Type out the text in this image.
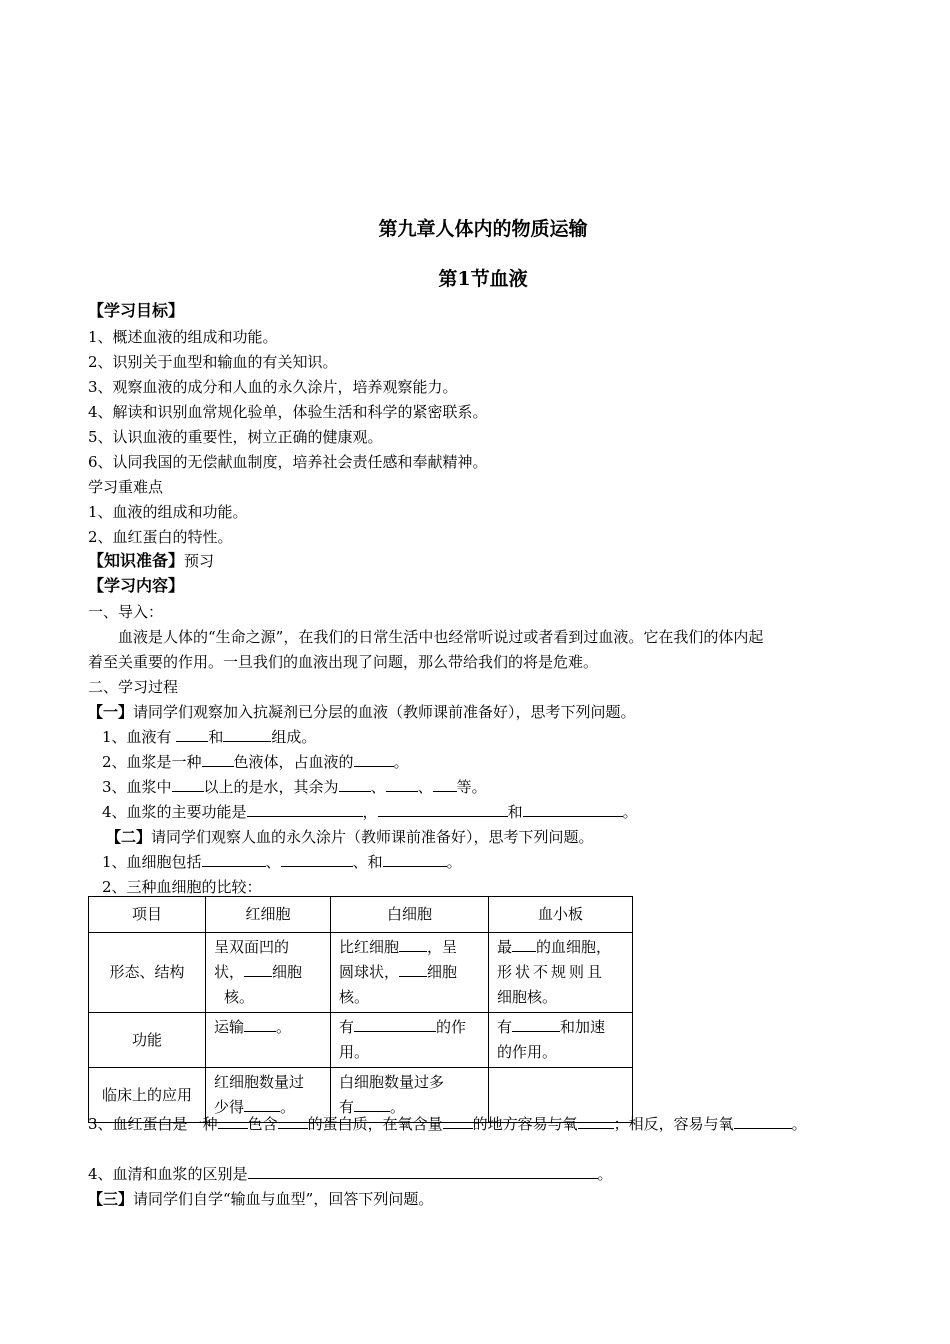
第九章人体内的物质运输
第1节血液
【学习目标】
1、概述血液的组成和功能。
2、识别关于血型和输血的有关知识。
3、观察血液的成分和人血的永久涂片，培养观察能力。
4、解读和识别血常规化验单，体验生活和科学的紧密联系。
5、认识血液的重要性，树立正确的健康观。
6、认同我国的无偿献血制度，培养社会责任感和奉献精神。
学习重难点
1、血液的组成和功能。
2、血红蛋白的特性。
【知识准备】预习
【学习内容】
一、导入：
血液是人体的“生命之源”，在我们的日常生活中也经常听说过或者看到过血液。它在我们的体内起
着至关重要的作用。一旦我们的血液出现了问题，那么带给我们的将是危难。
二、学习过程
【一】请同学们观察加入抗凝剂已分层的血液（教师课前准备好），思考下列问题。
1、血液有 和	组成。
2、血浆是一种 色液体，占血液的	。
3、血浆中 以上的是水，其余为 、 、 等。
4、血浆的主要功能是	，	和	。
【二】请同学们观察人血的永久涂片（教师课前准备好），思考下列问题。
1、血细胞包括	、	、和	。
2、三种血细胞的比较：
项目	红细胞	白细胞	血小板
形态、结构	呈双面凹的
状， 细胞
核。	比红细胞 ，呈
圆球状， 细胞
核。	最 的血细胞，
形状不规则且
细胞核。
功能	运输 。	有 的作
用。	有 和加速
的作用。
临床上的应用	红细胞数量过
少得 。	白细胞数量过多
有 。	
3、血红蛋白是一种 色含 的蛋白质，在氧含量 的地方容易与氧 ；相反，容易与氧	。
4、血清和血浆的区别是	。
【三】请同学们自学“输血与血型”，回答下列问题。
